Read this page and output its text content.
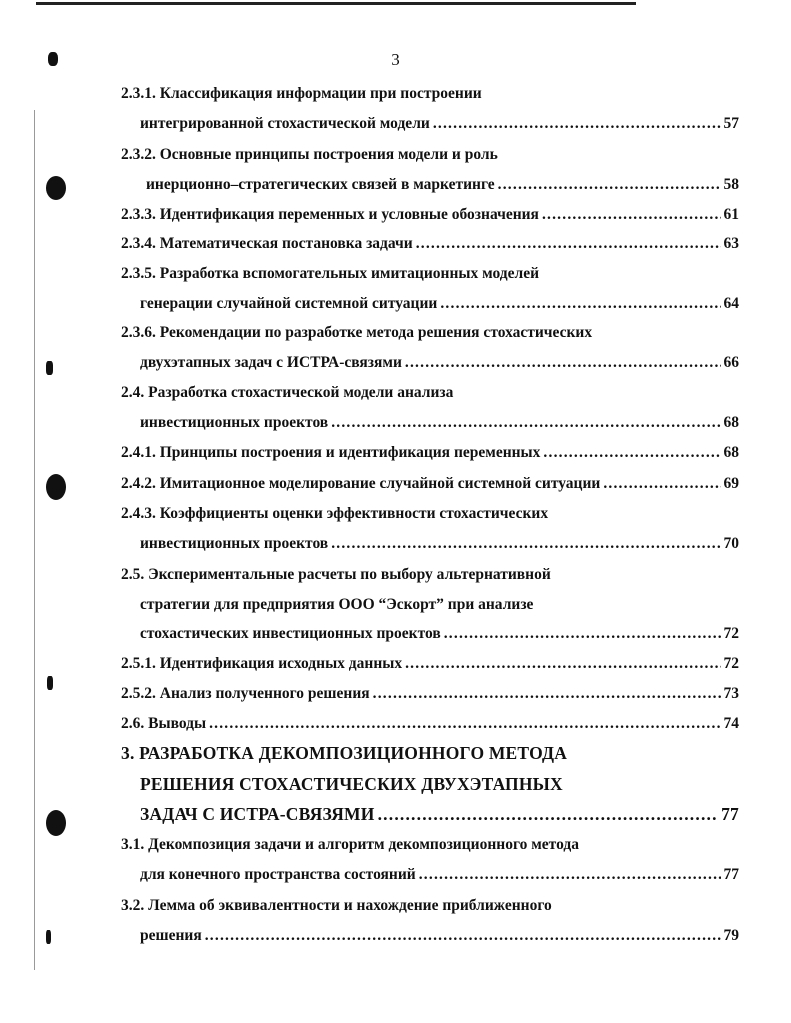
3
2.3.1. Классификация информации при построении
интегрированной стохастической модели .....	57
2.3.2. Основные принципы построения модели и роль
инерционно–стратегических связей в маркетинге .....	58
2.3.3. Идентификация переменных и условные обозначения .....	61
2.3.4. Математическая постановка задачи .....	63
2.3.5. Разработка вспомогательных имитационных моделей
генерации случайной системной ситуации .....	64
2.3.6. Рекомендации по разработке метода решения стохастических
двухэтапных задач с ИСТРА-связями .....	66
2.4. Разработка стохастической модели анализа
инвестиционных проектов .....	68
2.4.1. Принципы построения и идентификация переменных .....	68
2.4.2. Имитационное моделирование случайной системной ситуации .....	69
2.4.3. Коэффициенты оценки эффективности стохастических
инвестиционных проектов .....	70
2.5. Экспериментальные расчеты по выбору альтернативной
стратегии для предприятия ООО “Эскорт” при анализе
стохастических инвестиционных проектов .....	72
2.5.1. Идентификация исходных данных .....	72
2.5.2. Анализ полученного решения .....	73
2.6. Выводы .....	74
3. РАЗРАБОТКА ДЕКОМПОЗИЦИОННОГО МЕТОДА
РЕШЕНИЯ СТОХАСТИЧЕСКИХ ДВУХЭТАПНЫХ
ЗАДАЧ С ИСТРА-СВЯЗЯМИ .....	77
3.1. Декомпозиция задачи и алгоритм декомпозиционного метода
для конечного пространства состояний .....	77
3.2. Лемма об эквивалентности и нахождение приближенного
решения .....	79
